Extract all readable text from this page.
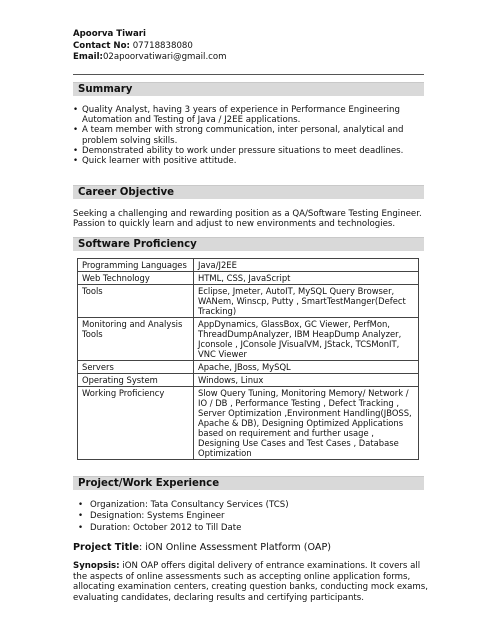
Apoorva Tiwari
Contact No: 07718838080
Email:02apoorvatiwari@gmail.com
Summary
• Quality Analyst, having 3 years of experience in Performance Engineering Automation and Testing of Java / J2EE applications.
• A team member with strong communication, inter personal, analytical and problem solving skills.
• Demonstrated ability to work under pressure situations to meet deadlines.
• Quick learner with positive attitude.
Career Objective
Seeking a challenging and rewarding position as a QA/Software Testing Engineer. Passion to quickly learn and adjust to new environments and technologies.
Software Proficiency
Programming Languages	Java/J2EE
Web Technology	HTML, CSS, JavaScript
Tools	Eclipse, Jmeter, AutoIT, MySQL Query Browser, WANem, Winscp, Putty , SmartTestManger(Defect Tracking)
Monitoring and Analysis Tools	AppDynamics, GlassBox, GC Viewer, PerfMon, ThreadDumpAnalyzer, IBM HeapDump Analyzer, Jconsole , JConsole JVisualVM, JStack, TCSMonIT, VNC Viewer
Servers	Apache, JBoss, MySQL
Operating System	Windows, Linux
Working Proficiency	Slow Query Tuning, Monitoring Memory/ Network / IO / DB , Performance Testing , Defect Tracking , Server Optimization ,Environment Handling(JBOSS, Apache & DB), Designing Optimized Applications based on requirement and further usage , Designing Use Cases and Test Cases , Database Optimization
Project/Work Experience
• Organization: Tata Consultancy Services (TCS)
• Designation: Systems Engineer
• Duration: October 2012 to Till Date
Project Title: iON Online Assessment Platform (OAP)
Synopsis: iON OAP offers digital delivery of entrance examinations. It covers all the aspects of online assessments such as accepting online application forms, allocating examination centers, creating question banks, conducting mock exams, evaluating candidates, declaring results and certifying participants.
